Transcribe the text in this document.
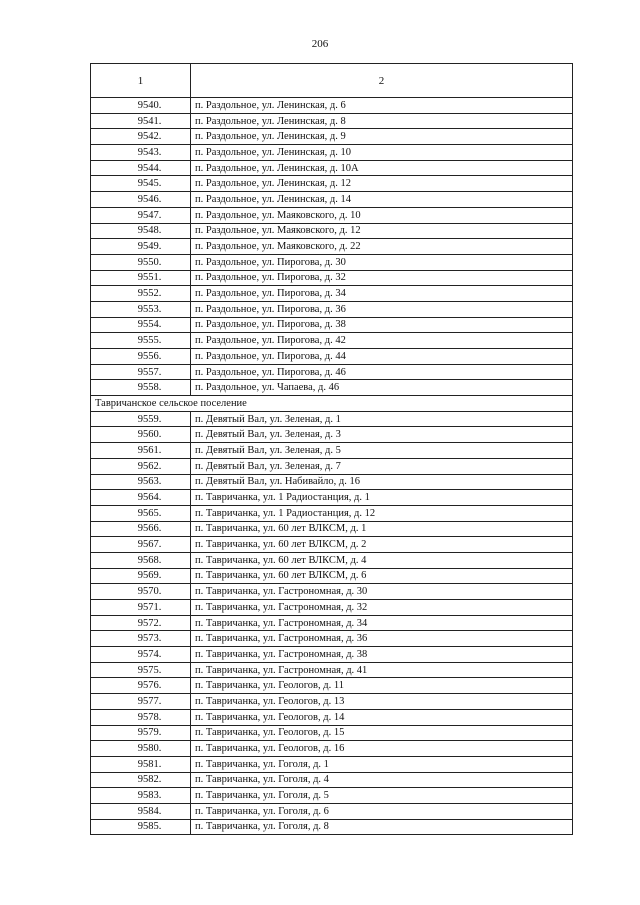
206
1	2
9540.	п. Раздольное, ул. Ленинская, д. 6
9541.	п. Раздольное, ул. Ленинская, д. 8
9542.	п. Раздольное, ул. Ленинская, д. 9
9543.	п. Раздольное, ул. Ленинская, д. 10
9544.	п. Раздольное, ул. Ленинская, д. 10А
9545.	п. Раздольное, ул. Ленинская, д. 12
9546.	п. Раздольное, ул. Ленинская, д. 14
9547.	п. Раздольное, ул. Маяковского, д. 10
9548.	п. Раздольное, ул. Маяковского, д. 12
9549.	п. Раздольное, ул. Маяковского, д. 22
9550.	п. Раздольное, ул. Пирогова, д. 30
9551.	п. Раздольное, ул. Пирогова, д. 32
9552.	п. Раздольное, ул. Пирогова, д. 34
9553.	п. Раздольное, ул. Пирогова, д. 36
9554.	п. Раздольное, ул. Пирогова, д. 38
9555.	п. Раздольное, ул. Пирогова, д. 42
9556.	п. Раздольное, ул. Пирогова, д. 44
9557.	п. Раздольное, ул. Пирогова, д. 46
9558.	п. Раздольное, ул. Чапаева, д. 46
Тавричанское сельское поселение	
9559.	п. Девятый Вал, ул. Зеленая, д. 1
9560.	п. Девятый Вал, ул. Зеленая, д. 3
9561.	п. Девятый Вал, ул. Зеленая, д. 5
9562.	п. Девятый Вал, ул. Зеленая, д. 7
9563.	п. Девятый Вал, ул. Набивайло, д. 16
9564.	п. Тавричанка, ул. 1 Радиостанция, д. 1
9565.	п. Тавричанка, ул. 1 Радиостанция, д. 12
9566.	п. Тавричанка, ул. 60 лет ВЛКСМ, д. 1
9567.	п. Тавричанка, ул. 60 лет ВЛКСМ, д. 2
9568.	п. Тавричанка, ул. 60 лет ВЛКСМ, д. 4
9569.	п. Тавричанка, ул. 60 лет ВЛКСМ, д. 6
9570.	п. Тавричанка, ул. Гастрономная, д. 30
9571.	п. Тавричанка, ул. Гастрономная, д. 32
9572.	п. Тавричанка, ул. Гастрономная, д. 34
9573.	п. Тавричанка, ул. Гастрономная, д. 36
9574.	п. Тавричанка, ул. Гастрономная, д. 38
9575.	п. Тавричанка, ул. Гастрономная, д. 41
9576.	п. Тавричанка, ул. Геологов, д. 11
9577.	п. Тавричанка, ул. Геологов, д. 13
9578.	п. Тавричанка, ул. Геологов, д. 14
9579.	п. Тавричанка, ул. Геологов, д. 15
9580.	п. Тавричанка, ул. Геологов, д. 16
9581.	п. Тавричанка, ул. Гоголя, д. 1
9582.	п. Тавричанка, ул. Гоголя, д. 4
9583.	п. Тавричанка, ул. Гоголя, д. 5
9584.	п. Тавричанка, ул. Гоголя, д. 6
9585.	п. Тавричанка, ул. Гоголя, д. 8
